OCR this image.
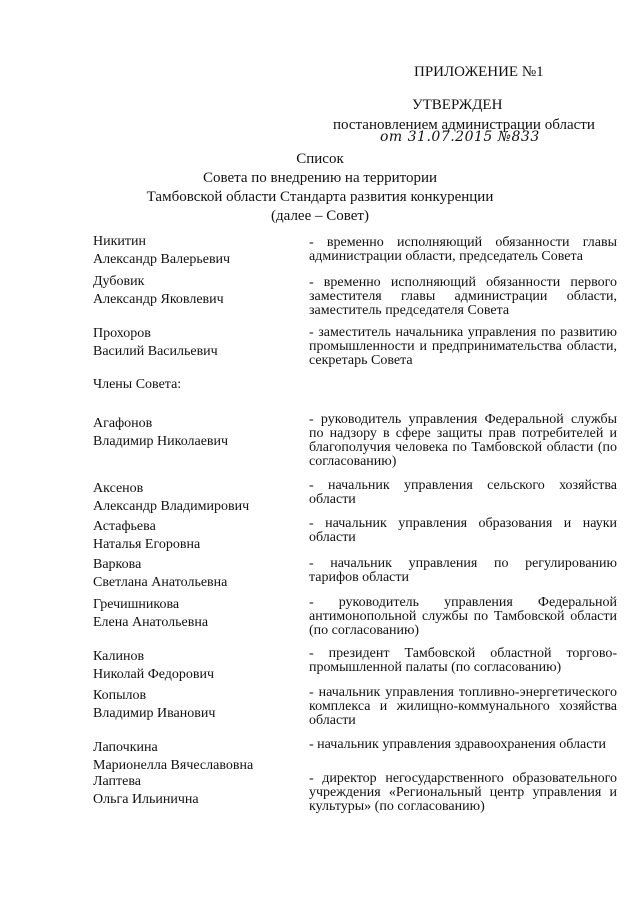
ПРИЛОЖЕНИЕ №1
УТВЕРЖДЕН
постановлением администрации области
от 31.07.2015 №833
Список
Совета по внедрению на территории
Тамбовской области Стандарта развития конкуренции
(далее – Совет)
Никитин
Александр Валерьевич
- временно исполняющий обязанности главы администрации области, председатель Совета
Дубовик
Александр Яковлевич
- временно исполняющий обязанности первого заместителя главы администрации области, заместитель председателя Совета
Прохоров
Василий Васильевич
- заместитель начальника управления по развитию промышленности и предпринимательства области, секретарь Совета
Члены Совета:
Агафонов
Владимир Николаевич
- руководитель управления Федеральной службы по надзору в сфере защиты прав потребителей и благополучия человека по Тамбовской области (по согласованию)
Аксенов
Александр Владимирович
- начальник управления сельского хозяйства области
Астафьева
Наталья Егоровна
- начальник управления образования и науки области
Варкова
Светлана Анатольевна
- начальник управления по регулированию тарифов области
Гречишникова
Елена Анатольевна
- руководитель управления Федеральной антимонопольной службы по Тамбовской области (по согласованию)
Калинов
Николай Федорович
- президент Тамбовской областной торгово-промышленной палаты (по согласованию)
Копылов
Владимир Иванович
- начальник управления топливно-энергетического комплекса и жилищно-коммунального хозяйства области
Лапочкина
Марионелла Вячеславовна
- начальник управления здравоохранения области
Лаптева
Ольга Ильинична
- директор негосударственного образовательного учреждения «Региональный центр управления и культуры» (по согласованию)
